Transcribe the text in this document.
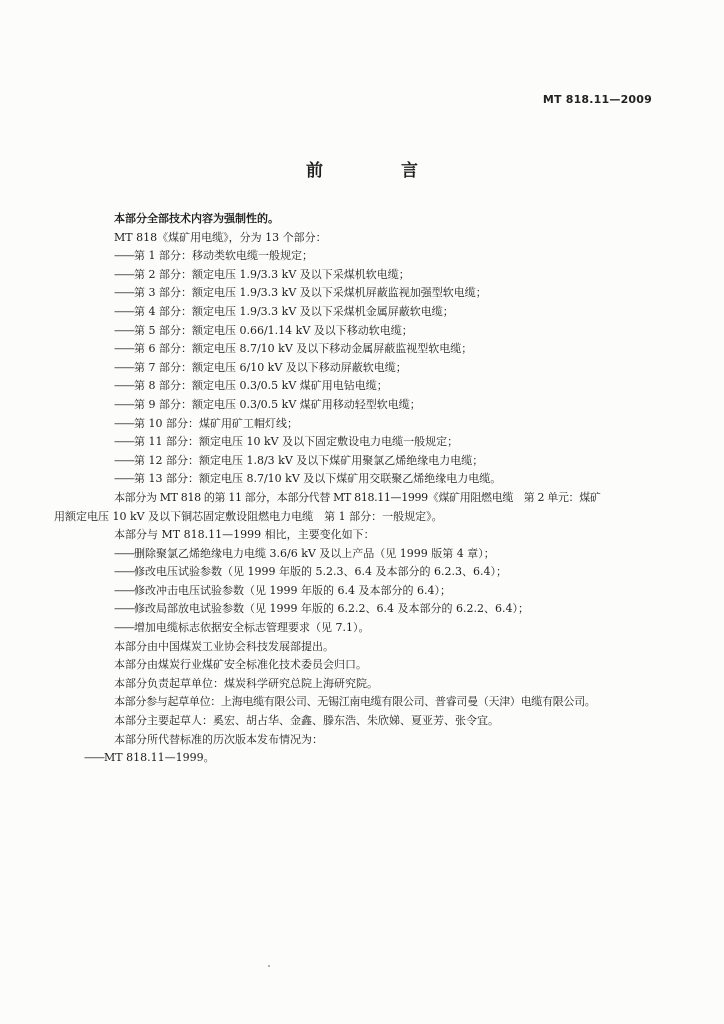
MT 818.11—2009
前 言
本部分全部技术内容为强制性的。
MT 818《煤矿用电缆》，分为 13 个部分：
—— 第 1 部分：移动类软电缆一般规定；
—— 第 2 部分：额定电压 1.9/3.3 kV 及以下采煤机软电缆；
—— 第 3 部分：额定电压 1.9/3.3 kV 及以下采煤机屏蔽监视加强型软电缆；
—— 第 4 部分：额定电压 1.9/3.3 kV 及以下采煤机金属屏蔽软电缆；
—— 第 5 部分：额定电压 0.66/1.14 kV 及以下移动软电缆；
—— 第 6 部分：额定电压 8.7/10 kV 及以下移动金属屏蔽监视型软电缆；
—— 第 7 部分：额定电压 6/10 kV 及以下移动屏蔽软电缆；
—— 第 8 部分：额定电压 0.3/0.5 kV 煤矿用电钻电缆；
—— 第 9 部分：额定电压 0.3/0.5 kV 煤矿用移动轻型软电缆；
—— 第 10 部分：煤矿用矿工帽灯线；
—— 第 11 部分：额定电压 10 kV 及以下固定敷设电力电缆一般规定；
—— 第 12 部分：额定电压 1.8/3 kV 及以下煤矿用聚氯乙烯绝缘电力电缆；
—— 第 13 部分：额定电压 8.7/10 kV 及以下煤矿用交联聚乙烯绝缘电力电缆。
本部分为 MT 818 的第 11 部分，本部分代替 MT 818.11—1999《煤矿用阻燃电缆　第 2 单元：煤矿
用额定电压 10 kV 及以下铜芯固定敷设阻燃电力电缆　第 1 部分：一般规定》。
本部分与 MT 818.11—1999 相比，主要变化如下：
—— 删除聚氯乙烯绝缘电力电缆 3.6/6 kV 及以上产品（见 1999 版第 4 章）；
—— 修改电压试验参数（见 1999 年版的 5.2.3、6.4 及本部分的 6.2.3、6.4）；
—— 修改冲击电压试验参数（见 1999 年版的 6.4 及本部分的 6.4）；
—— 修改局部放电试验参数（见 1999 年版的 6.2.2、6.4 及本部分的 6.2.2、6.4）；
—— 增加电缆标志依据安全标志管理要求（见 7.1）。
本部分由中国煤炭工业协会科技发展部提出。
本部分由煤炭行业煤矿安全标准化技术委员会归口。
本部分负责起草单位：煤炭科学研究总院上海研究院。
本部分参与起草单位：上海电缆有限公司、无锡江南电缆有限公司、普睿司曼（天津）电缆有限公司。
本部分主要起草人：奚宏、胡占华、金鑫、滕东浩、朱欣娣、夏亚芳、张令宜。
本部分所代替标准的历次版本发布情况为：
—— MT 818.11—1999。
